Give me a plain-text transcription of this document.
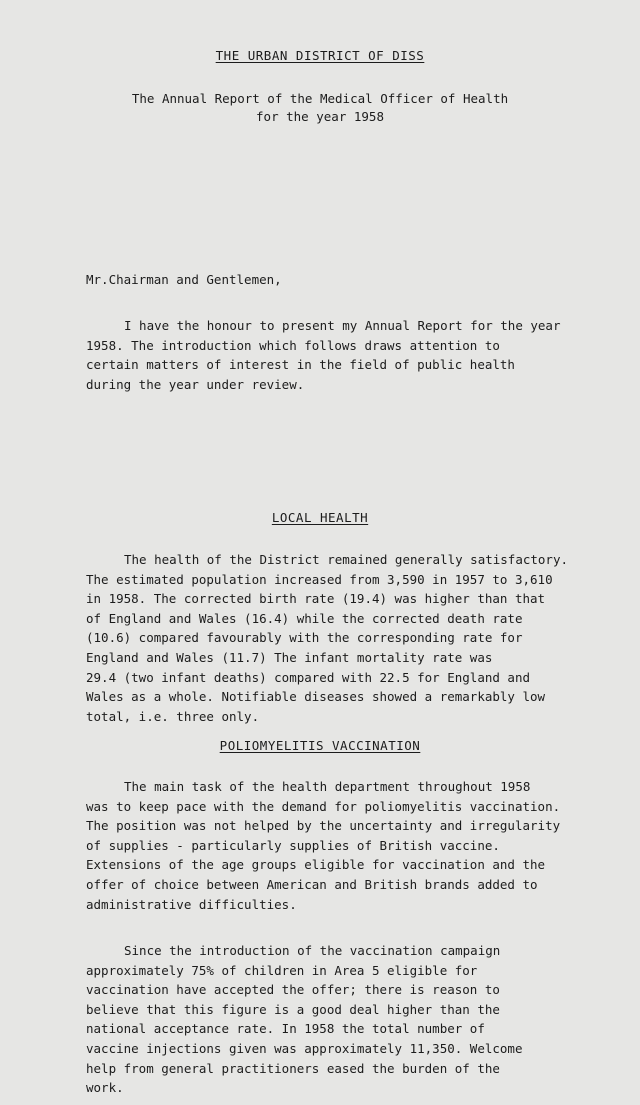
THE URBAN DISTRICT OF DISS
The Annual Report of the Medical Officer of Health
for the year 1958

Mr.Chairman and Gentlemen,

I have the honour to present my Annual Report for the year
1958. The introduction which follows draws attention to
certain matters of interest in the field of public health
during the year under review.

LOCAL HEALTH

The health of the District remained generally satisfactory.
The estimated population increased from 3,590 in 1957 to 3,610
in 1958. The corrected birth rate (19.4) was higher than that
of England and Wales (16.4) while the corrected death rate
(10.6) compared favourably with the corresponding rate for
England and Wales (11.7) The infant mortality rate was
29.4 (two infant deaths) compared with 22.5 for England and
Wales as a whole. Notifiable diseases showed a remarkably low
total, i.e. three only.

POLIOMYELITIS VACCINATION

The main task of the health department throughout 1958
was to keep pace with the demand for poliomyelitis vaccination.
The position was not helped by the uncertainty and irregularity
of supplies - particularly supplies of British vaccine.
Extensions of the age groups eligible for vaccination and the
offer of choice between American and British brands added to
administrative difficulties.

Since the introduction of the vaccination campaign
approximately 75% of children in Area 5 eligible for
vaccination have accepted the offer; there is reason to
believe that this figure is a good deal higher than the
national acceptance rate. In 1958 the total number of
vaccine injections given was approximately 11,350. Welcome
help from general practitioners eased the burden of the
work.
